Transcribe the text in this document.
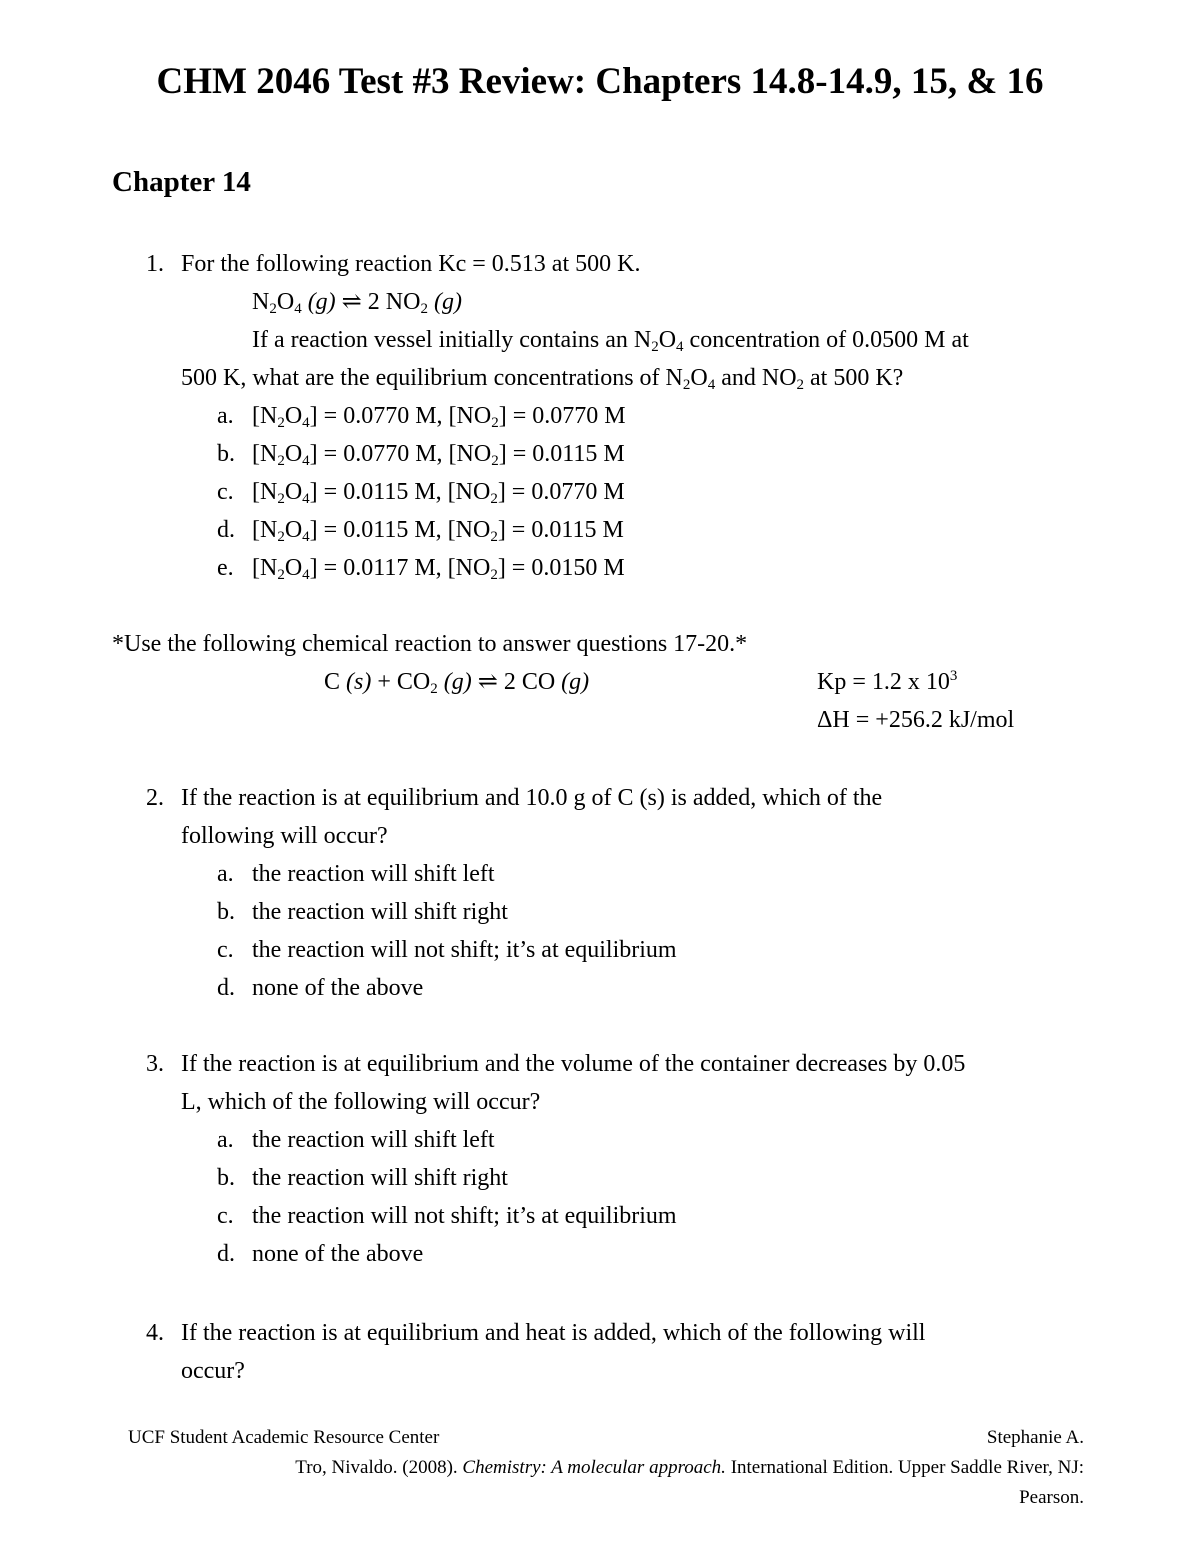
CHM 2046 Test #3 Review: Chapters 14.8-14.9, 15, & 16
Chapter 14
1. For the following reaction Kc = 0.513 at 500 K.
$N_2O_4$ (g) ⇌ 2 $NO_2$ (g)
If a reaction vessel initially contains an $N_2O_4$ concentration of 0.0500 M at
500 K, what are the equilibrium concentrations of $N_2O_4$ and $NO_2$ at 500 K?
a. $[N_2O_4] = 0.0770$ M, $[NO_2] = 0.0770$ M
b. $[N_2O_4] = 0.0770$ M, $[NO_2] = 0.0115$ M
c. $[N_2O_4] = 0.0115$ M, $[NO_2] = 0.0770$ M
d. $[N_2O_4] = 0.0115$ M, $[NO_2] = 0.0115$ M
e. $[N_2O_4] = 0.0117$ M, $[NO_2] = 0.0150$ M
*Use the following chemical reaction to answer questions 17-20.*
C $(s) + CO_2$ (g) ⇌ 2 CO (g)	Kp = 1.2 x $10^3$
ΔH = +256.2 kJ/mol
2. If the reaction is at equilibrium and 10.0 g of C (s) is added, which of the
following will occur?
a. the reaction will shift left
b. the reaction will shift right
c. the reaction will not shift; it’s at equilibrium
d. none of the above
3. If the reaction is at equilibrium and the volume of the container decreases by 0.05
L, which of the following will occur?
a. the reaction will shift left
b. the reaction will shift right
c. the reaction will not shift; it’s at equilibrium
d. none of the above
4. If the reaction is at equilibrium and heat is added, which of the following will
occur?
UCF Student Academic Resource Center	Stephanie A.
Tro, Nivaldo. (2008). Chemistry: A molecular approach. International Edition. Upper Saddle River, NJ:
Pearson.
